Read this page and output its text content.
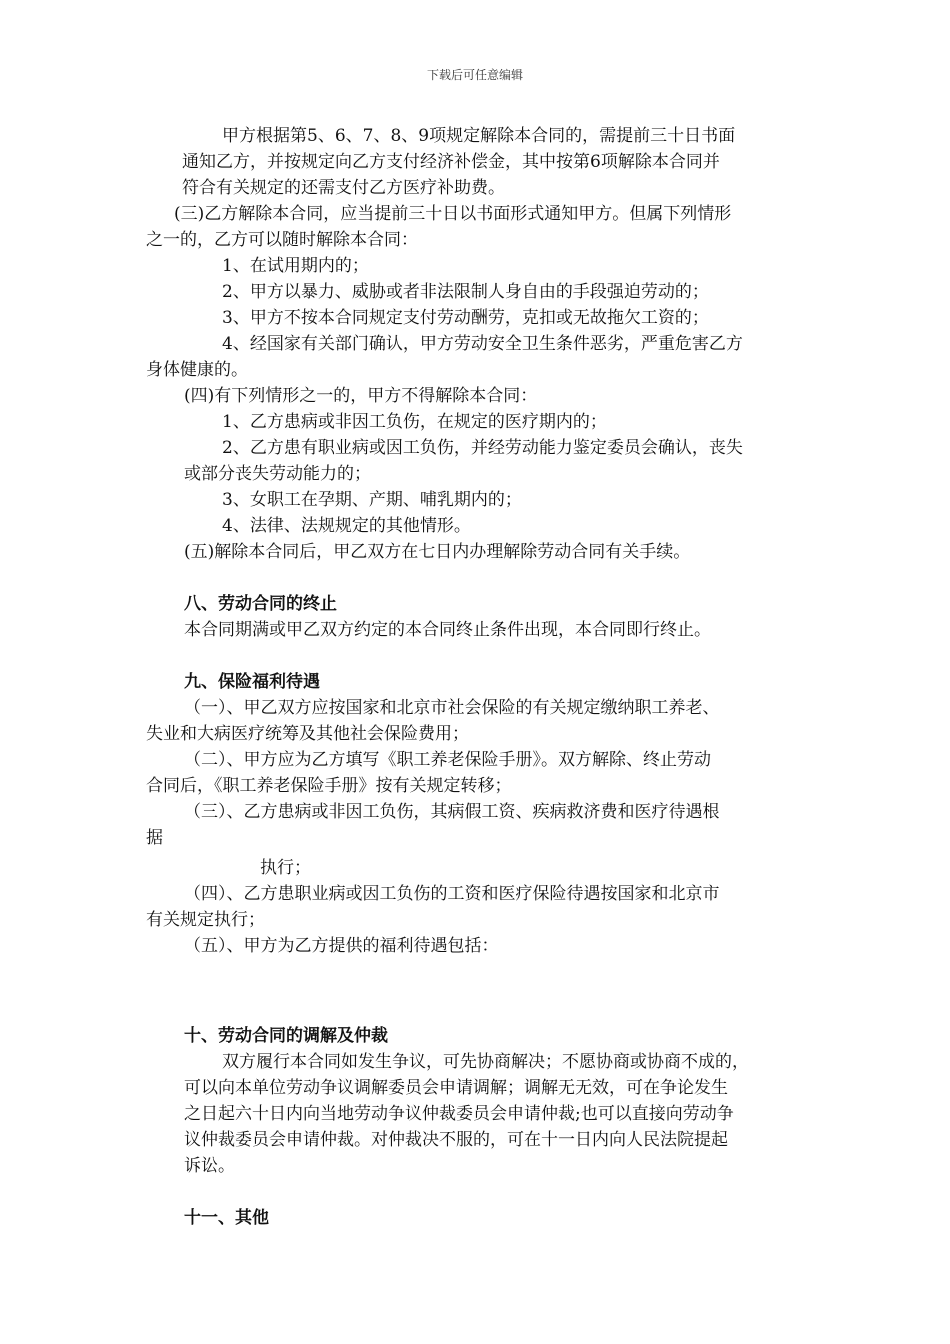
下载后可任意编辑
甲方根据第5、6、7、8、9项规定解除本合同的，需提前三十日书面
通知乙方，并按规定向乙方支付经济补偿金，其中按第6项解除本合同并
符合有关规定的还需支付乙方医疗补助费。
(三)乙方解除本合同，应当提前三十日以书面形式通知甲方。但属下列情形
之一的，乙方可以随时解除本合同：
1、在试用期内的；
2、甲方以暴力、威胁或者非法限制人身自由的手段强迫劳动的；
3、甲方不按本合同规定支付劳动酬劳，克扣或无故拖欠工资的；
4、经国家有关部门确认，甲方劳动安全卫生条件恶劣，严重危害乙方
身体健康的。
(四)有下列情形之一的，甲方不得解除本合同：
1、乙方患病或非因工负伤，在规定的医疗期内的；
2、乙方患有职业病或因工负伤，并经劳动能力鉴定委员会确认，丧失
或部分丧失劳动能力的；
3、女职工在孕期、产期、哺乳期内的；
4、法律、法规规定的其他情形。
(五)解除本合同后，甲乙双方在七日内办理解除劳动合同有关手续。
八、劳动合同的终止
本合同期满或甲乙双方约定的本合同终止条件出现，本合同即行终止。
九、保险福利待遇
（一）、甲乙双方应按国家和北京市社会保险的有关规定缴纳职工养老、
失业和大病医疗统筹及其他社会保险费用；
（二）、甲方应为乙方填写《职工养老保险手册》。双方解除、终止劳动
合同后，《职工养老保险手册》按有关规定转移；
（三）、乙方患病或非因工负伤，其病假工资、疾病救济费和医疗待遇根
据
执行；
（四）、乙方患职业病或因工负伤的工资和医疗保险待遇按国家和北京市
有关规定执行；
（五）、甲方为乙方提供的福利待遇包括：
十、劳动合同的调解及仲裁
双方履行本合同如发生争议，可先协商解决；不愿协商或协商不成的，
可以向本单位劳动争议调解委员会申请调解；调解无无效，可在争论发生
之日起六十日内向当地劳动争议仲裁委员会申请仲裁;也可以直接向劳动争
议仲裁委员会申请仲裁。对仲裁决不服的，可在十一日内向人民法院提起
诉讼。
十一、其他
